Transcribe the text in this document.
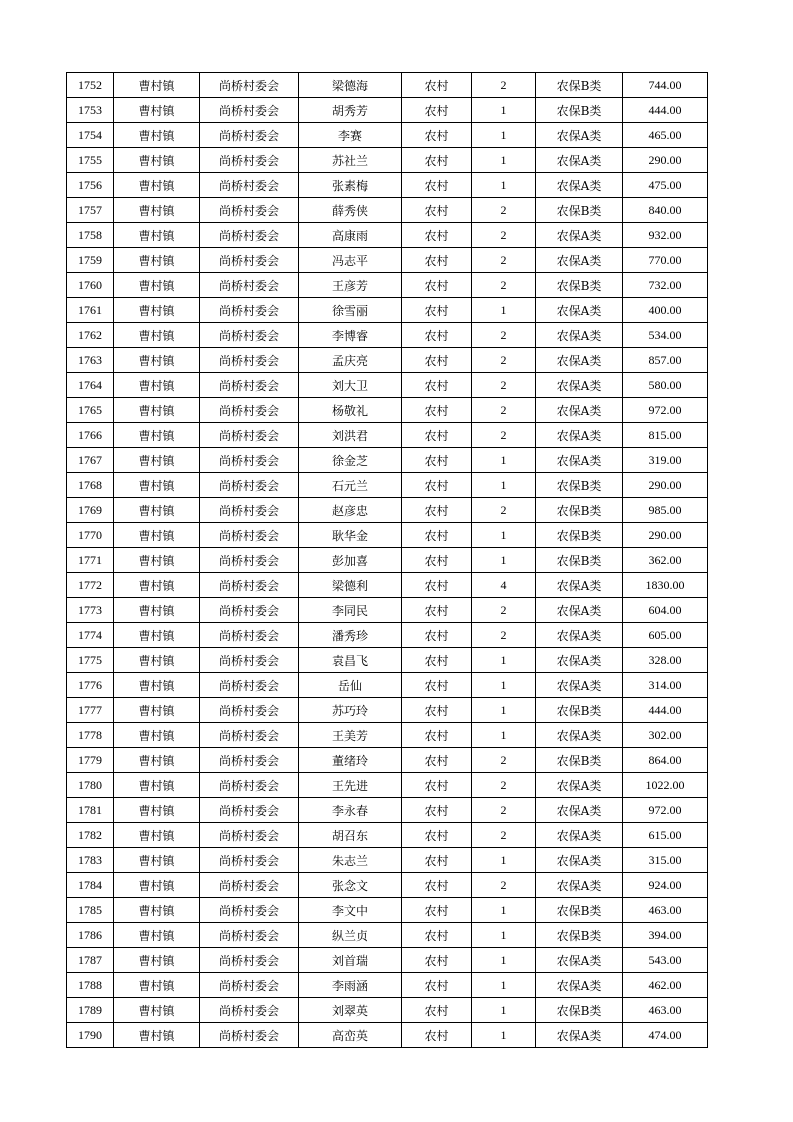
1752	曹村镇	尚桥村委会	梁德海	农村	2	农保B类	744.00
1753	曹村镇	尚桥村委会	胡秀芳	农村	1	农保B类	444.00
1754	曹村镇	尚桥村委会	李赛	农村	1	农保A类	465.00
1755	曹村镇	尚桥村委会	苏社兰	农村	1	农保A类	290.00
1756	曹村镇	尚桥村委会	张素梅	农村	1	农保A类	475.00
1757	曹村镇	尚桥村委会	薛秀侠	农村	2	农保B类	840.00
1758	曹村镇	尚桥村委会	高康雨	农村	2	农保A类	932.00
1759	曹村镇	尚桥村委会	冯志平	农村	2	农保A类	770.00
1760	曹村镇	尚桥村委会	王彦芳	农村	2	农保B类	732.00
1761	曹村镇	尚桥村委会	徐雪丽	农村	1	农保A类	400.00
1762	曹村镇	尚桥村委会	李博睿	农村	2	农保A类	534.00
1763	曹村镇	尚桥村委会	孟庆亮	农村	2	农保A类	857.00
1764	曹村镇	尚桥村委会	刘大卫	农村	2	农保A类	580.00
1765	曹村镇	尚桥村委会	杨敬礼	农村	2	农保A类	972.00
1766	曹村镇	尚桥村委会	刘洪君	农村	2	农保A类	815.00
1767	曹村镇	尚桥村委会	徐金芝	农村	1	农保A类	319.00
1768	曹村镇	尚桥村委会	石元兰	农村	1	农保B类	290.00
1769	曹村镇	尚桥村委会	赵彦忠	农村	2	农保B类	985.00
1770	曹村镇	尚桥村委会	耿华金	农村	1	农保B类	290.00
1771	曹村镇	尚桥村委会	彭加喜	农村	1	农保B类	362.00
1772	曹村镇	尚桥村委会	梁德利	农村	4	农保A类	1830.00
1773	曹村镇	尚桥村委会	李同民	农村	2	农保A类	604.00
1774	曹村镇	尚桥村委会	潘秀珍	农村	2	农保A类	605.00
1775	曹村镇	尚桥村委会	袁昌飞	农村	1	农保A类	328.00
1776	曹村镇	尚桥村委会	岳仙	农村	1	农保A类	314.00
1777	曹村镇	尚桥村委会	苏巧玲	农村	1	农保B类	444.00
1778	曹村镇	尚桥村委会	王美芳	农村	1	农保A类	302.00
1779	曹村镇	尚桥村委会	董绪玲	农村	2	农保B类	864.00
1780	曹村镇	尚桥村委会	王先进	农村	2	农保A类	1022.00
1781	曹村镇	尚桥村委会	李永春	农村	2	农保A类	972.00
1782	曹村镇	尚桥村委会	胡召东	农村	2	农保A类	615.00
1783	曹村镇	尚桥村委会	朱志兰	农村	1	农保A类	315.00
1784	曹村镇	尚桥村委会	张念文	农村	2	农保A类	924.00
1785	曹村镇	尚桥村委会	李文中	农村	1	农保B类	463.00
1786	曹村镇	尚桥村委会	纵兰贞	农村	1	农保B类	394.00
1787	曹村镇	尚桥村委会	刘首瑞	农村	1	农保A类	543.00
1788	曹村镇	尚桥村委会	李雨涵	农村	1	农保A类	462.00
1789	曹村镇	尚桥村委会	刘翠英	农村	1	农保B类	463.00
1790	曹村镇	尚桥村委会	高峦英	农村	1	农保A类	474.00
